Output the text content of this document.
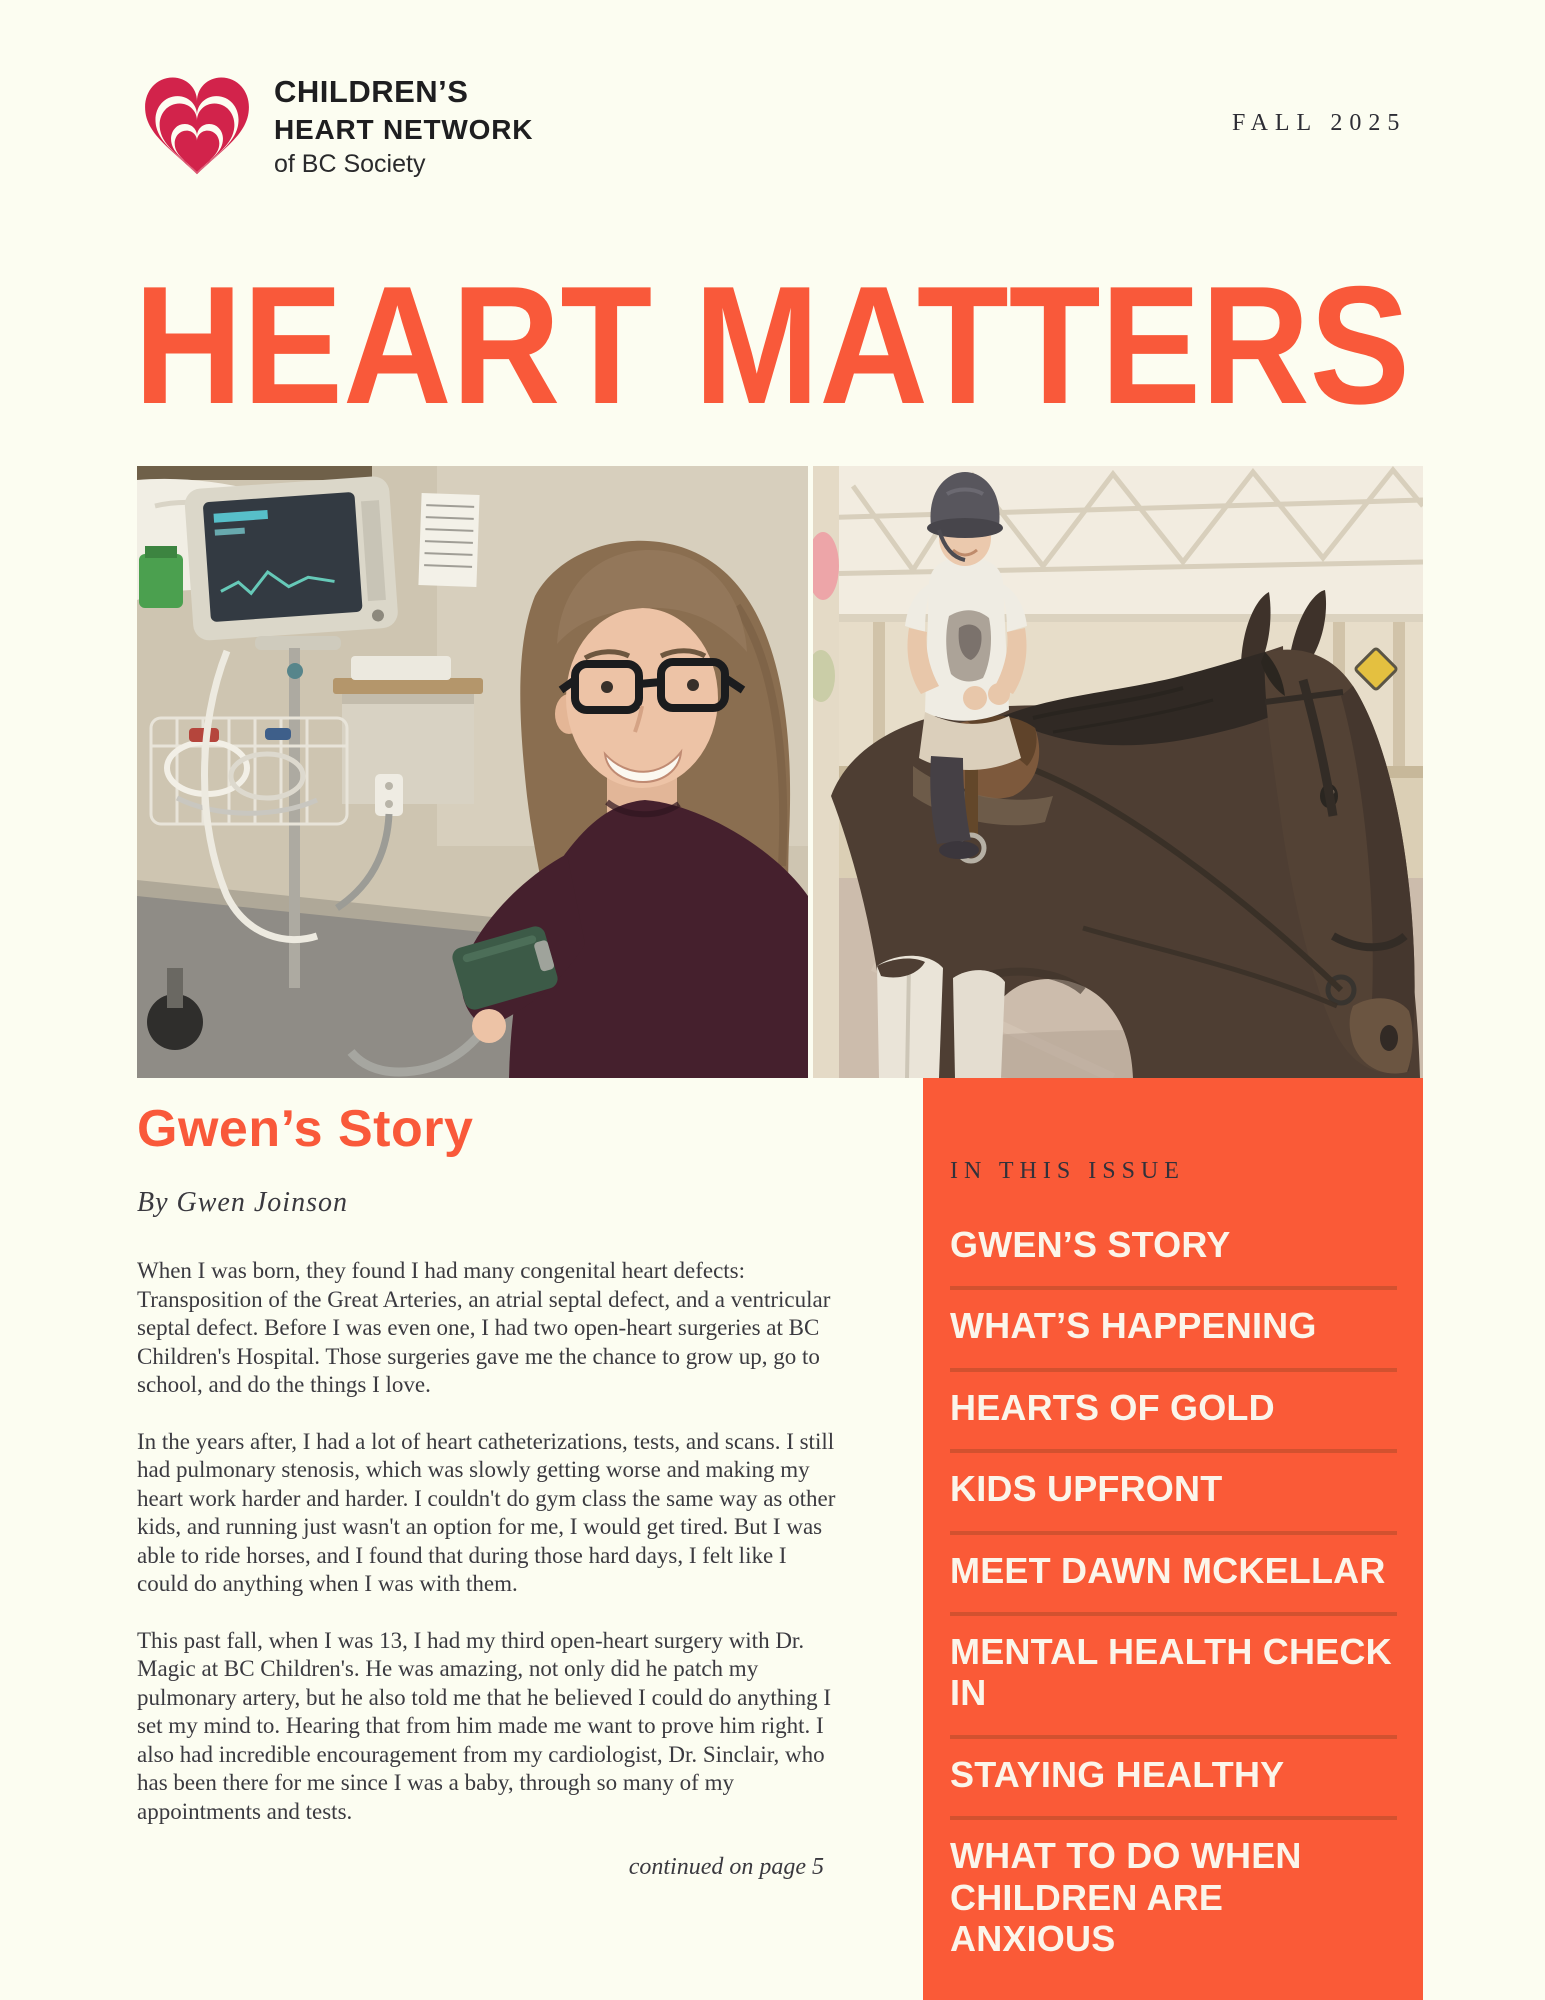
CHILDREN’S
HEART NETWORK
of BC Society
FALL 2025
HEART MATTERS
Gwen’s Story
By Gwen Joinson

When I was born, they found I had many congenital heart defects: Transposition of the Great Arteries, an atrial septal defect, and a ventricular septal defect. Before I was even one, I had two open-heart surgeries at BC Children's Hospital. Those surgeries gave me the chance to grow up, go to school, and do the things I love.

In the years after, I had a lot of heart catheterizations, tests, and scans. I still had pulmonary stenosis, which was slowly getting worse and making my heart work harder and harder. I couldn't do gym class the same way as other kids, and running just wasn't an option for me, I would get tired. But I was able to ride horses, and I found that during those hard days, I felt like I could do anything when I was with them.

This past fall, when I was 13, I had my third open-heart surgery with Dr. Magic at BC Children's. He was amazing, not only did he patch my pulmonary artery, but he also told me that he believed I could do anything I set my mind to. Hearing that from him made me want to prove him right. I also had incredible encouragement from my cardiologist, Dr. Sinclair, who has been there for me since I was a baby, through so many of my appointments and tests.

continued on page 5
IN THIS ISSUE
GWEN’S STORY
WHAT’S HAPPENING
HEARTS OF GOLD
KIDS UPFRONT
MEET DAWN MCKELLAR
MENTAL HEALTH CHECK IN
STAYING HEALTHY
WHAT TO DO WHEN CHILDREN ARE ANXIOUS
